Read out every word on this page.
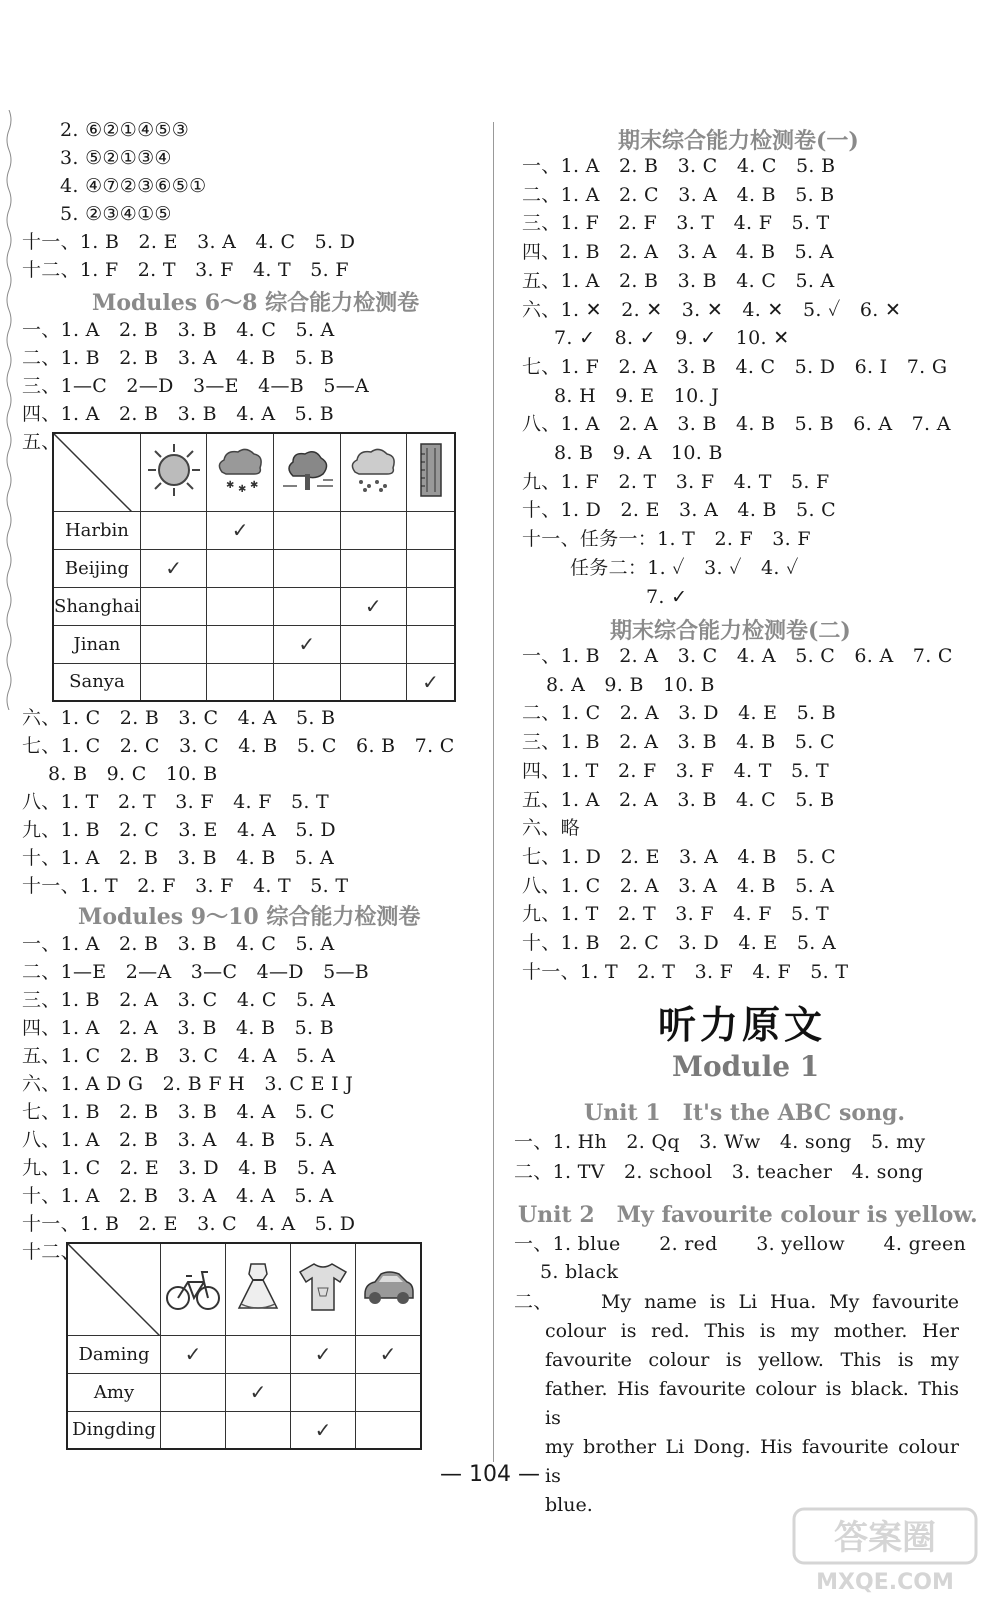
2. ⑥②①④⑤③
3. ⑤②①③④
4. ④⑦②③⑥⑤①
5. ②③④①⑤
十一、1. B　2. E　3. A　4. C　5. D
十二、1. F　2. T　3. F　4. T　5. F
Modules 6～8 综合能力检测卷
一、1. A　2. B　3. B　4. C　5. A
二、1. B　2. B　3. A　4. B　5. B
三、1—C　2—D　3—E　4—B　5—A
四、1. A　2. B　3. B　4. A　5. B
五、

✱ ✱ ✱

Harbin		✓			
Beijing	✓				
Shanghai				✓	
Jinan			✓		
Sanya					✓
六、1. C　2. B　3. C　4. A　5. B
七、1. C　2. C　3. C　4. B　5. C　6. B　7. C
8. B　9. C　10. B
八、1. T　2. T　3. F　4. F　5. T
九、1. B　2. C　3. E　4. A　5. D
十、1. A　2. B　3. B　4. B　5. A
十一、1. T　2. F　3. F　4. T　5. T
Modules 9～10 综合能力检测卷
一、1. A　2. B　3. B　4. C　5. A
二、1—E　2—A　3—C　4—D　5—B
三、1. B　2. A　3. C　4. C　5. A
四、1. A　2. A　3. B　4. B　5. B
五、1. C　2. B　3. C　4. A　5. A
六、1. A D G　2. B F H　3. C E I J
七、1. B　2. B　3. B　4. A　5. C
八、1. A　2. B　3. A　4. B　5. A
九、1. C　2. E　3. D　4. B　5. A
十、1. A　2. B　3. A　4. A　5. A
十一、1. B　2. E　3. C　4. A　5. D
十二、

Daming	✓		✓	✓
Amy		✓		
Dingding			✓	
期末综合能力检测卷(一)
一、1. A　2. B　3. C　4. C　5. B
二、1. A　2. C　3. A　4. B　5. B
三、1. F　2. F　3. T　4. F　5. T
四、1. B　2. A　3. A　4. B　5. A
五、1. A　2. B　3. B　4. C　5. A
六、1. ✕　2. ✕　3. ✕　4. ✕　5. ✓　6. ✕
7. ✓　8. ✓　9. ✓　10. ✕
七、1. F　2. A　3. B　4. C　5. D　6. I　7. G
8. H　9. E　10. J
八、1. A　2. A　3. B　4. B　5. B　6. A　7. A
8. B　9. A　10. B
九、1. F　2. T　3. F　4. T　5. F
十、1. D　2. E　3. A　4. B　5. C
十一、任务一：1. T　2. F　3. F
任务二：1. ✓　3. ✓　4. ✓
7. ✓
期末综合能力检测卷(二)
一、1. B　2. A　3. C　4. A　5. C　6. A　7. C
8. A　9. B　10. B
二、1. C　2. A　3. D　4. E　5. B
三、1. B　2. A　3. B　4. B　5. C
四、1. T　2. F　3. F　4. T　5. T
五、1. A　2. A　3. B　4. C　5. B
六、略
七、1. D　2. E　3. A　4. B　5. C
八、1. C　2. A　3. A　4. B　5. A
九、1. T　2. T　3. F　4. F　5. T
十、1. B　2. C　3. D　4. E　5. A
十一、1. T　2. T　3. F　4. F　5. T
听力原文
Module 1
Unit 1　It's the ABC song.
一、1. Hh　2. Qq　3. Ww　4. song　5. my
二、1. TV　2. school　3. teacher　4. song
Unit 2　My favourite colour is yellow.
一、1. blue　　2. red　　3. yellow　　4. green
5. black
二、	My name is Li Hua. My favourite
colour is red. This is my mother. Her
favourite colour is yellow. This is my
father. His favourite colour is black. This is
my brother Li Dong. His favourite colour is
blue.
— 104 —
答案圈
MXQE.COM
